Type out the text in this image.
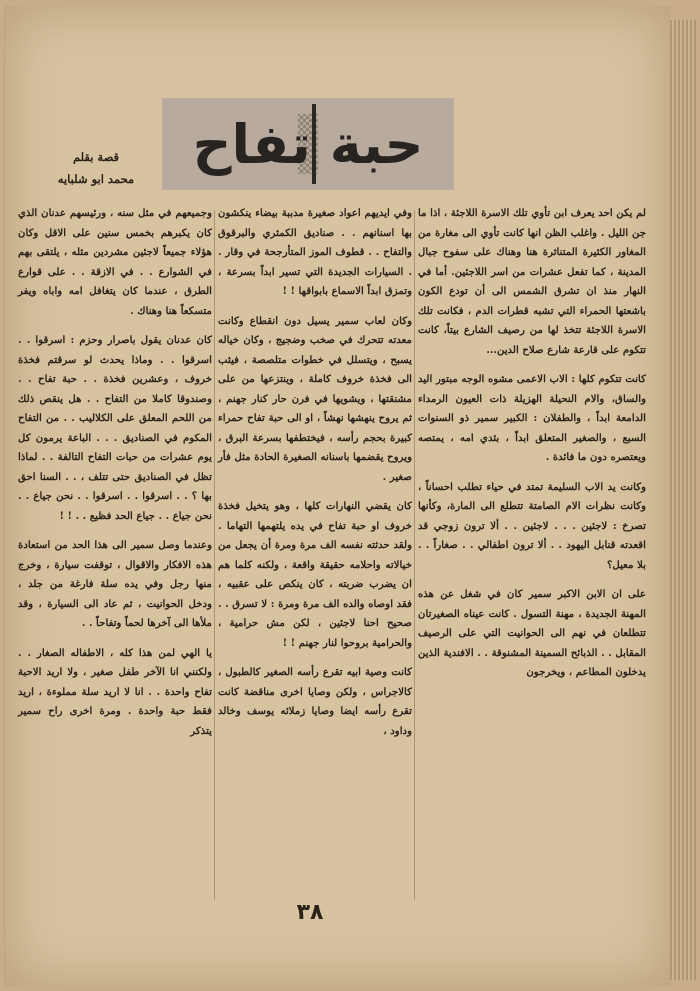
حبة تفاح
قصة بقلم
محمد ابو شلبايه

لم يكن احد يعرف ابن تأوي تلك الاسرة اللاجئة ، اذا ما جن الليل . واغلب الظن انها كانت تأوي الى مغارة من المغاور الكثيرة المتناثرة هنا وهناك على سفوح جبال المدينة ، كما تفعل عشرات من اسر اللاجئين. أما في النهار منذ ان تشرق الشمس الى أن تودع الكون باشعتها الحمراء التي تشبه قطرات الدم ، فكانت تلك الاسرة اللاجئة تتخذ لها من رصيف الشارع بيتاً، كانت تتكوم على قارعة شارع صلاح الدين...

كانت تتكوم كلها : الاب الاعمى مشوه الوجه مبتور اليد والساق، والام النحيلة الهزيلة ذات العيون الرمداء الدامعة ابداً ، والطفلان : الكبير سمير ذو السنوات السبع ، والصغير المتعلق ابداً ، بثدي امه ، يمتصه ويعتصره دون ما فائدة .

وكانت يد الاب السليمة تمتد في حياء تطلب احساناً ، وكانت نظرات الام الصامتة تتطلع الى المارة، وكأنها تصرخ : لاجئين . . . لاجئين . . ألا ترون زوجي قد اقعدته قنابل اليهود . . ألا ترون اطفالي . . صغاراً . . بلا معيل؟

على ان الابن الاكبر سمير كان في شغل عن هذه المهنة الجديدة ، مهنة التسول . كانت عيناه الصغيرتان تتطلعان في نهم الى الحوانيت التي على الرصيف المقابل . . الذبائح السمينة المشنوقة . . الافندية الذين يدخلون المطاعم ، ويخرجون

وفي ايديهم اعواد صغيرة مدببة بيضاء ينكشون بها اسنانهم . . صناديق الكمثري والبرقوق والتفاح . . قطوف الموز المتأرجحة في وقار . . السيارات الجديدة التي تسير ابداً بسرعة ، وتمزق ابداً الاسماع بابواقها ! !

وكان لعاب سمير يسيل دون انقطاع وكانت معدته تتحرك في صخب وضجيج ، وكان خياله يسبح ، ويتسلل في خطوات متلصصة ، فيثب الى فخذة خروف كاملة ، وينتزعها من على مشنقتها ، ويشويها في فرن حار كنار جهنم ، ثم يروح ينهشها نهشاً ، او الى حبة تفاح حمراء كبيرة بحجم رأسه ، فيختطفها بسرعة البرق ، ويروح يقضمها باسنانه الصغيرة الحادة مثل فأر صغير .

كان يقضي النهارات كلها ، وهو يتخيل فخذة خروف او حبة تفاح في يده يلتهمها التهاما . ولقد حدثته نفسه الف مرة ومرة أن يجعل من خيالاته واحلامه حقيقة واقعة ، ولكنه كلما هم ان يضرب ضربته ، كان ينكص على عقبيه ، فقد اوصاه والده الف مرة ومرة : لا تسرق . . صحيح احنا لاجئين ، لكن مش حرامية ، والحرامية بروحوا لنار جهنم ! !

كانت وصية ابيه تقرع رأسه الصغير كالطبول ، كالاجراس ، ولكن وصايا اخرى مناقضة كانت تقرع رأسه ايضا وصايا زملائه يوسف وخالد وداود ،

وجميعهم في مثل سنه ، ورئيسهم عدنان الذي كان يكبرهم بخمس سنين على الاقل وكان هؤلاء جميعاً لاجئين مشردين مثله ، يلتقى بهم في الشوارع . . في الازقة . . على قوارع الطرق ، عندما كان يتغافل امه واباه ويفر متسكعاً هنا وهناك .

كان عدنان يقول باصرار وحزم : اسرقوا . . اسرقوا . . وماذا يحدث لو سرقتم فخذة خروف ، وعشرين فخذة . . حبة تفاح . . وصندوقا كاملا من التفاح . . هل ينقص ذلك من اللحم المعلق على الكلاليب . . من التفاح المكوم في الصناديق . . . الباعة يرمون كل يوم عشرات من حبات التفاح التالفة . . لماذا تظل في الصناديق حتى تتلف ، . . السنا احق بها ؟ . . اسرقوا . . اسرقوا . . نحن جياع . . نحن جياع . . جياع الحد فظيع . . ! !

وعندما وصل سمير الى هذا الحد من استعادة هذه الافكار والاقوال ، توقفت سيارة ، وخرج منها رجل وفي يده سلة فارغة من جلد ، ودخل الحوانيت ، ثم عاد الى السيارة ، وقد ملأها الى آخرها لحماً وتفاحاً . .

يا الهي لمن هذا كله ، الاطفاله الصغار . . ولكنني انا الآخر طفل صغير ، ولا اريد الاحبة تفاح واحدة . . انا لا اريد سلة مملوءة ، اريد فقط حبة واحدة . ومرة اخرى راح سمير يتذكر

٣٨
